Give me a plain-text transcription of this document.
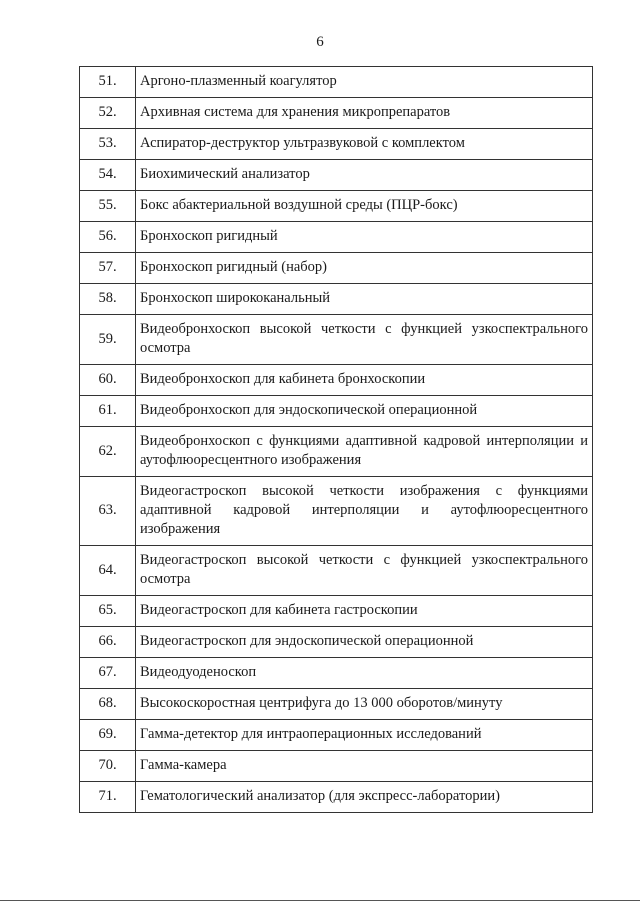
6
51.	Аргоно-плазменный коагулятор
52.	Архивная система для хранения микропрепаратов
53.	Аспиратор-деструктор ультразвуковой с комплектом
54.	Биохимический анализатор
55.	Бокс абактериальной воздушной среды (ПЦР-бокс)
56.	Бронхоскоп ригидный
57.	Бронхоскоп ригидный (набор)
58.	Бронхоскоп ширококанальный
59.	Видеобронхоскоп высокой четкости с функцией узкоспектрального осмотра
60.	Видеобронхоскоп для кабинета бронхоскопии
61.	Видеобронхоскоп для эндоскопической операционной
62.	Видеобронхоскоп с функциями адаптивной кадровой интерполяции и аутофлюоресцентного изображения
63.	Видеогастроскоп высокой четкости изображения с функциями адаптивной кадровой интерполяции и аутофлюоресцентного изображения
64.	Видеогастроскоп высокой четкости с функцией узкоспектрального осмотра
65.	Видеогастроскоп для кабинета гастроскопии
66.	Видеогастроскоп для эндоскопической операционной
67.	Видеодуоденоскоп
68.	Высокоскоростная центрифуга до 13 000 оборотов/минуту
69.	Гамма-детектор для интраоперационных исследований
70.	Гамма-камера
71.	Гематологический анализатор (для экспресс-лаборатории)
